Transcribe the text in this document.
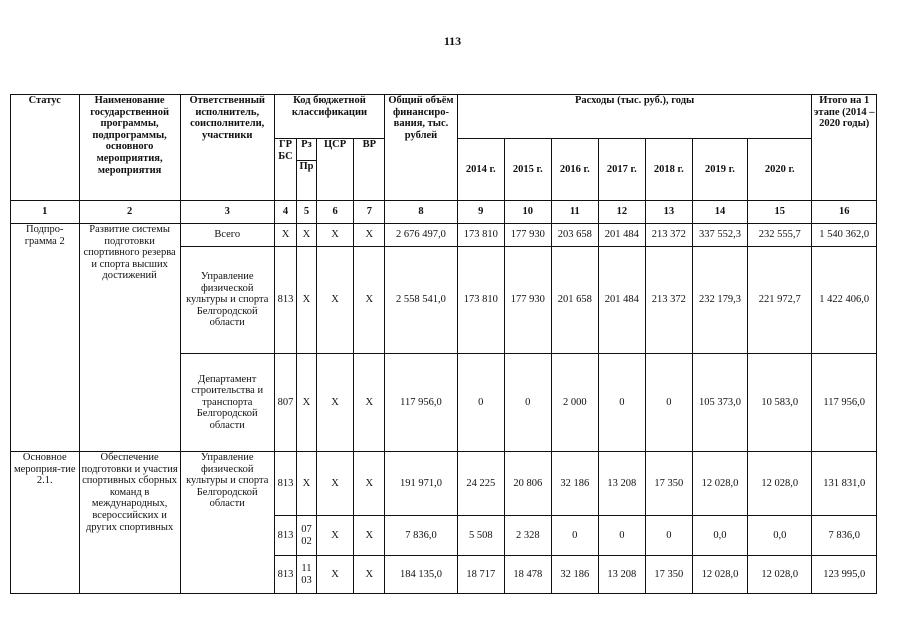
113
Статус	Наименование государственной программы, подпрограммы, основного мероприятия, мероприятия	Ответственный исполнитель, соисполнители, участники	Код бюджетной классификации				Общий объём финансиро-вания, тыс. рублей	Расходы (тыс. руб.), годы							Итого на 1 этапе (2014 – 2020 годы)
			ГР БС	Рз	ЦСР	ВР		2014 г.	2015 г.	2016 г.	2017 г.	2018 г.	2019 г.	2020 г.	
				Пр											
1	2	3	4	5	6	7	8	9	10	11	12	13	14	15	16
Подпро-грамма 2	Развитие системы подготовки спортивного резерва и спорта высших достижений	Всего	Х	Х	Х	Х	2 676 497,0	173 810	177 930	203 658	201 484	213 372	337 552,3	232 555,7	1 540 362,0
		Управление физической культуры и спорта Белгородской области	813	Х	Х	Х	2 558 541,0	173 810	177 930	201 658	201 484	213 372	232 179,3	221 972,7	1 422 406,0
		Департамент строительства и транспорта Белгородской области	807	Х	Х	Х	117 956,0	0	0	2 000	0	0	105 373,0	10 583,0	117 956,0
Основное мероприя-тие 2.1.	Обеспечение подготовки и участия спортивных сборных команд в международных, всероссийских и других спортивных	Управление физической культуры и спорта Белгородской области	813	Х	Х	Х	191 971,0	24 225	20 806	32 186	13 208	17 350	12 028,0	12 028,0	131 831,0
			813	07
02	Х	Х	7 836,0	5 508	2 328	0	0	0	0,0	0,0	7 836,0
			813	11
03	Х	Х	184 135,0	18 717	18 478	32 186	13 208	17 350	12 028,0	12 028,0	123 995,0
